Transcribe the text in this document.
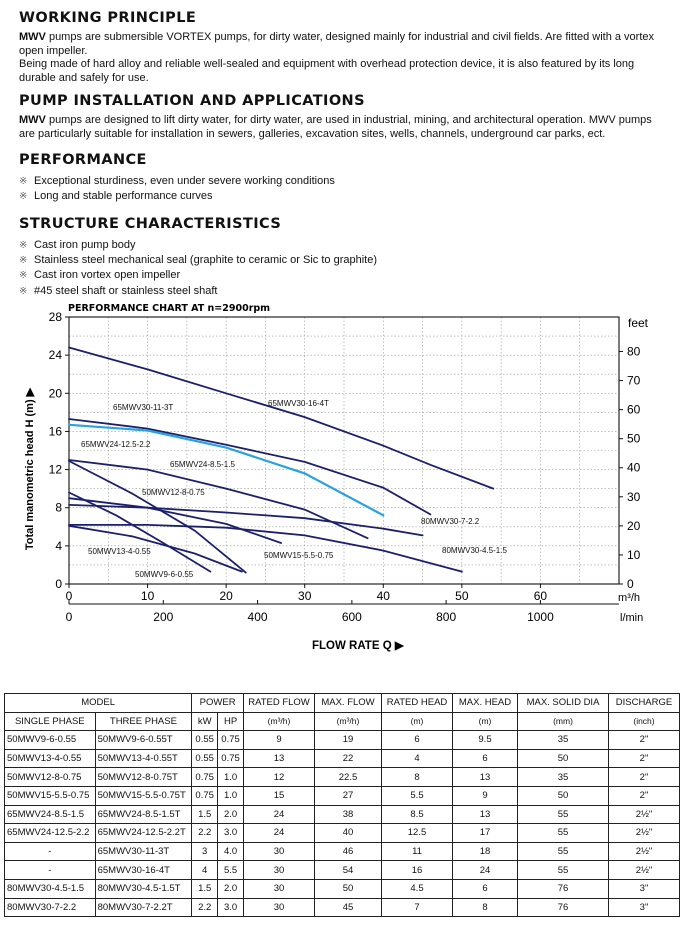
WORKING PRINCIPLE

MWV pumps are submersible VORTEX pumps, for dirty water, designed mainly for industrial and civil fields. Are fitted with a vortex open impeller.
Being made of hard alloy and reliable well-sealed and equipment with overhead protection device, it is also featured by its long durable and safely for use.

PUMP INSTALLATION AND APPLICATIONS

MWV pumps are designed to lift dirty water, for dirty water, are used in industrial, mining, and architectural operation. MWV pumps are particularly suitable for installation in sewers, galleries, excavation sites, wells, channels, underground car parks, ect.

PERFORMANCE
※ Exceptional sturdiness, even under severe working conditions
※ Long and stable performance curves
STRUCTURE CHARACTERISTICS
※ Cast iron pump body
※ Stainless steel mechanical seal (graphite to ceramic or Sic to graphite)
※ Cast iron vortex open impeller
※ #45 steel shaft or stainless steel shaft
PERFORMANCE CHART AT n=2900rpm
0
4
8
12
16
20
24
28
0	10	20	30	40	50	60
0	200	400	600	800	1000
0
10
20
30
40
50
60
70
80
65MWV30-16-4T
65MWV30-11-3T
65MWV24-12.5-2.2
65MWV24-8.5-1.5
50MWV12-8-0.75
80MWV30-7-2.2
80MWV30-4.5-1.5
50MWV15-5.5-0.75
50MWV13-4-0.55
50MWV9-6-0.55
Total manometric head H (m) ▶
feet
m³/h
l/min
FLOW RATE Q ▶
MODEL		POWER		RATED FLOW	MAX. FLOW	RATED HEAD	MAX. HEAD	MAX. SOLID DIA	DISCHARGE
SINGLE PHASE	THREE PHASE	kW	HP	(m³/h)	(m³/h)	(m)	(m)	(mm)	(inch)
50MWV9-6-0.55	50MWV9-6-0.55T	0.55	0.75	9	19	6	9.5	35	2"
50MWV13-4-0.55	50MWV13-4-0.55T	0.55	0.75	13	22	4	6	50	2"
50MWV12-8-0.75	50MWV12-8-0.75T	0.75	1.0	12	22.5	8	13	35	2"
50MWV15-5.5-0.75	50MWV15-5.5-0.75T	0.75	1.0	15	27	5.5	9	50	2"
65MWV24-8.5-1.5	65MWV24-8.5-1.5T	1.5	2.0	24	38	8.5	13	55	2½"
65MWV24-12.5-2.2	65MWV24-12.5-2.2T	2.2	3.0	24	40	12.5	17	55	2½"
-	65MWV30-11-3T	3	4.0	30	46	11	18	55	2½"
-	65MWV30-16-4T	4	5.5	30	54	16	24	55	2½"
80MWV30-4.5-1.5	80MWV30-4.5-1.5T	1.5	2.0	30	50	4.5	6	76	3"
80MWV30-7-2.2	80MWV30-7-2.2T	2.2	3.0	30	45	7	8	76	3"
